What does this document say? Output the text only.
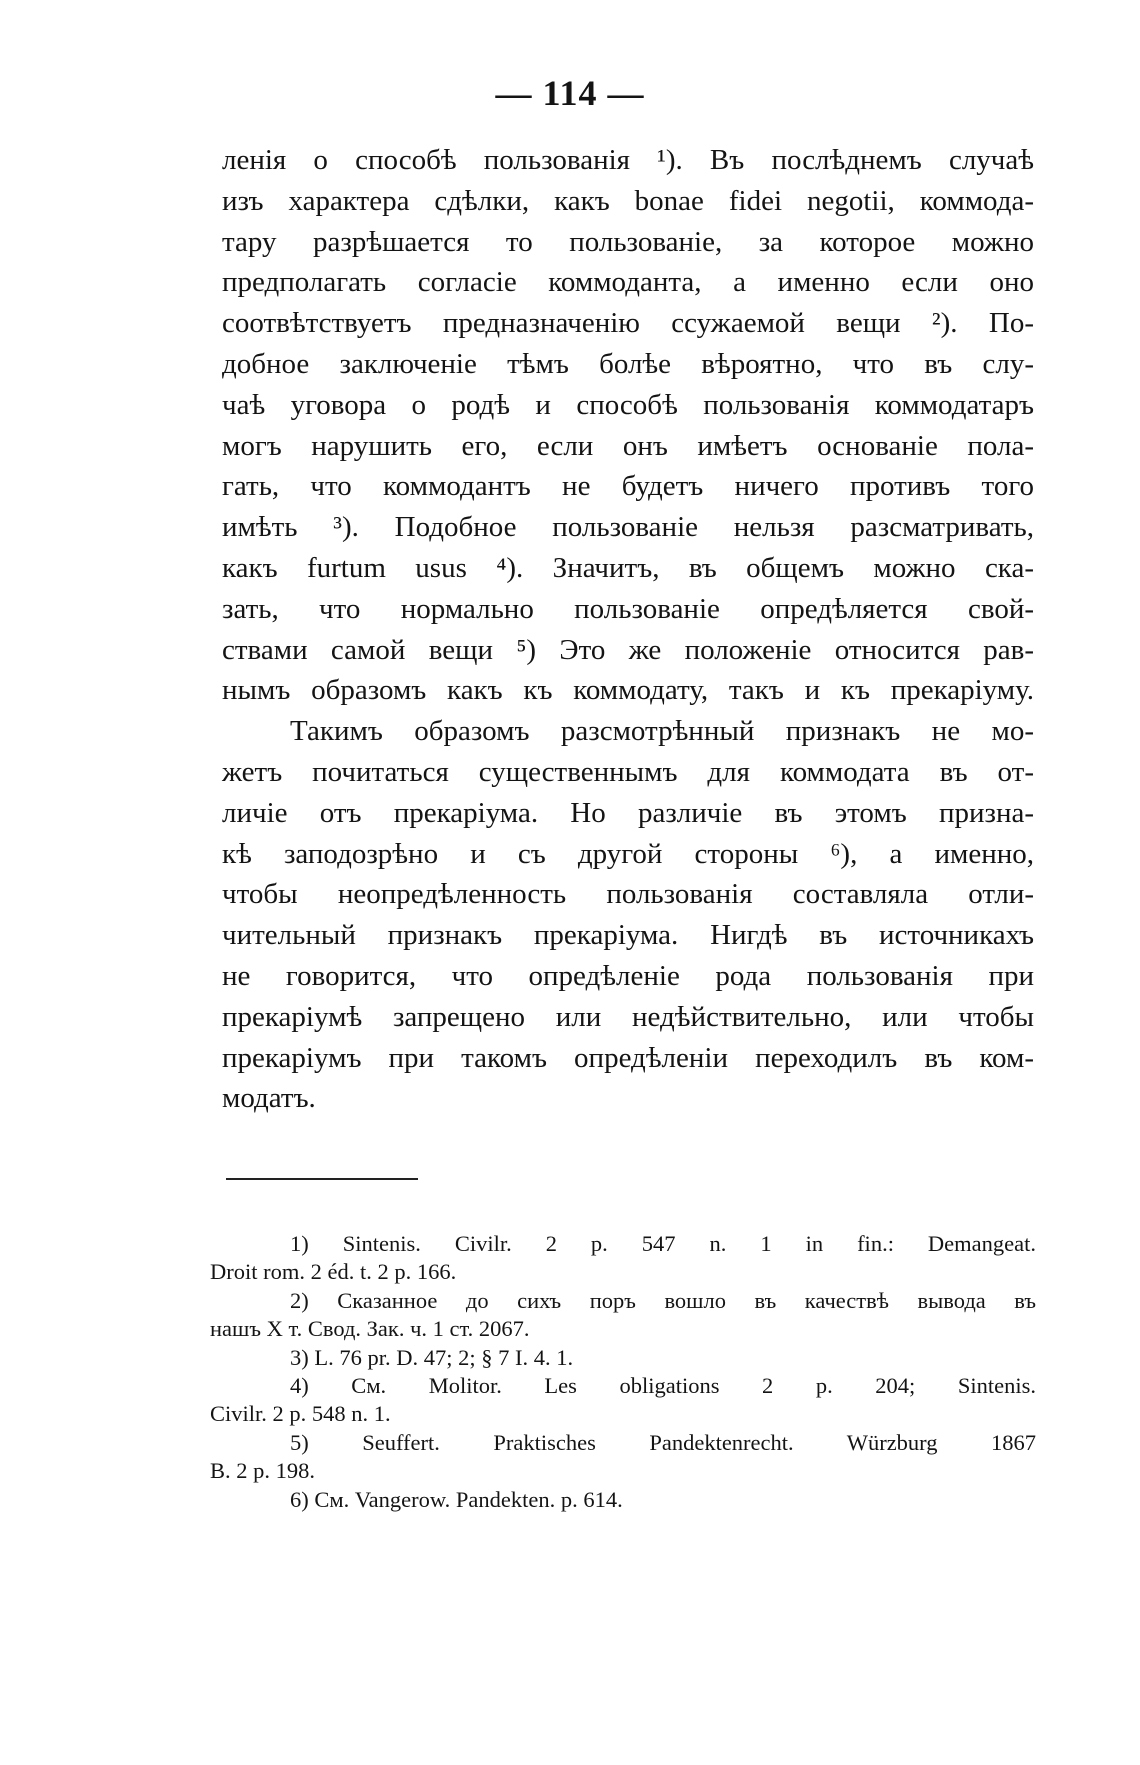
— 114 —
ленія о способѣ пользованія ¹). Въ послѣднемъ случаѣ
изъ характера сдѣлки, какъ bonae fidei negotii, коммода-
тару разрѣшается то пользованіе, за которое можно
предполагать согласіе коммоданта, а именно если оно
соотвѣтствуетъ предназначенію ссужаемой вещи ²). По-
добное заключеніе тѣмъ болѣе вѣроятно, что въ слу-
чаѣ уговора о родѣ и способѣ пользованія коммодатаръ
могъ нарушить его, если онъ имѣетъ основаніе пола-
гать, что коммодантъ не будетъ ничего противъ того
имѣть ³). Подобное пользованіе нельзя разсматривать,
какъ furtum usus ⁴). Значитъ, въ общемъ можно ска-
зать, что нормально пользованіе опредѣляется свой-
ствами самой вещи ⁵) Это же положеніе относится рав-
нымъ образомъ какъ къ коммодату, такъ и къ прекаріуму.
Такимъ образомъ разсмотрѣнный признакъ не мо-
жетъ почитаться существеннымъ для коммодата въ от-
личіе отъ прекаріума. Но различіе въ этомъ призна-
кѣ заподозрѣно и съ другой стороны ⁶), а именно,
чтобы неопредѣленность пользованія составляла отли-
чительный признакъ прекаріума. Нигдѣ въ источникахъ
не говорится, что опредѣленіе рода пользованія при
прекаріумѣ запрещено или недѣйствительно, или чтобы
прекаріумъ при такомъ опредѣленіи переходилъ въ ком-
модатъ.
1) Sintenis. Civilr. 2 p. 547 n. 1 in fin.: Demangeat.
Droit rom. 2 éd. t. 2 p. 166.
2) Сказанное до сихъ поръ вошло въ качествѣ вывода въ
нашъ X т. Свод. Зак. ч. 1 ст. 2067.
3) L. 76 pr. D. 47; 2; § 7 I. 4. 1.
4) См. Molitor. Les obligations 2 p. 204; Sintenis.
Civilr. 2 p. 548 n. 1.
5) Seuffert. Praktisches Pandektenrecht. Würzburg 1867
B. 2 p. 198.
6) См. Vangerow. Pandekten. p. 614.
